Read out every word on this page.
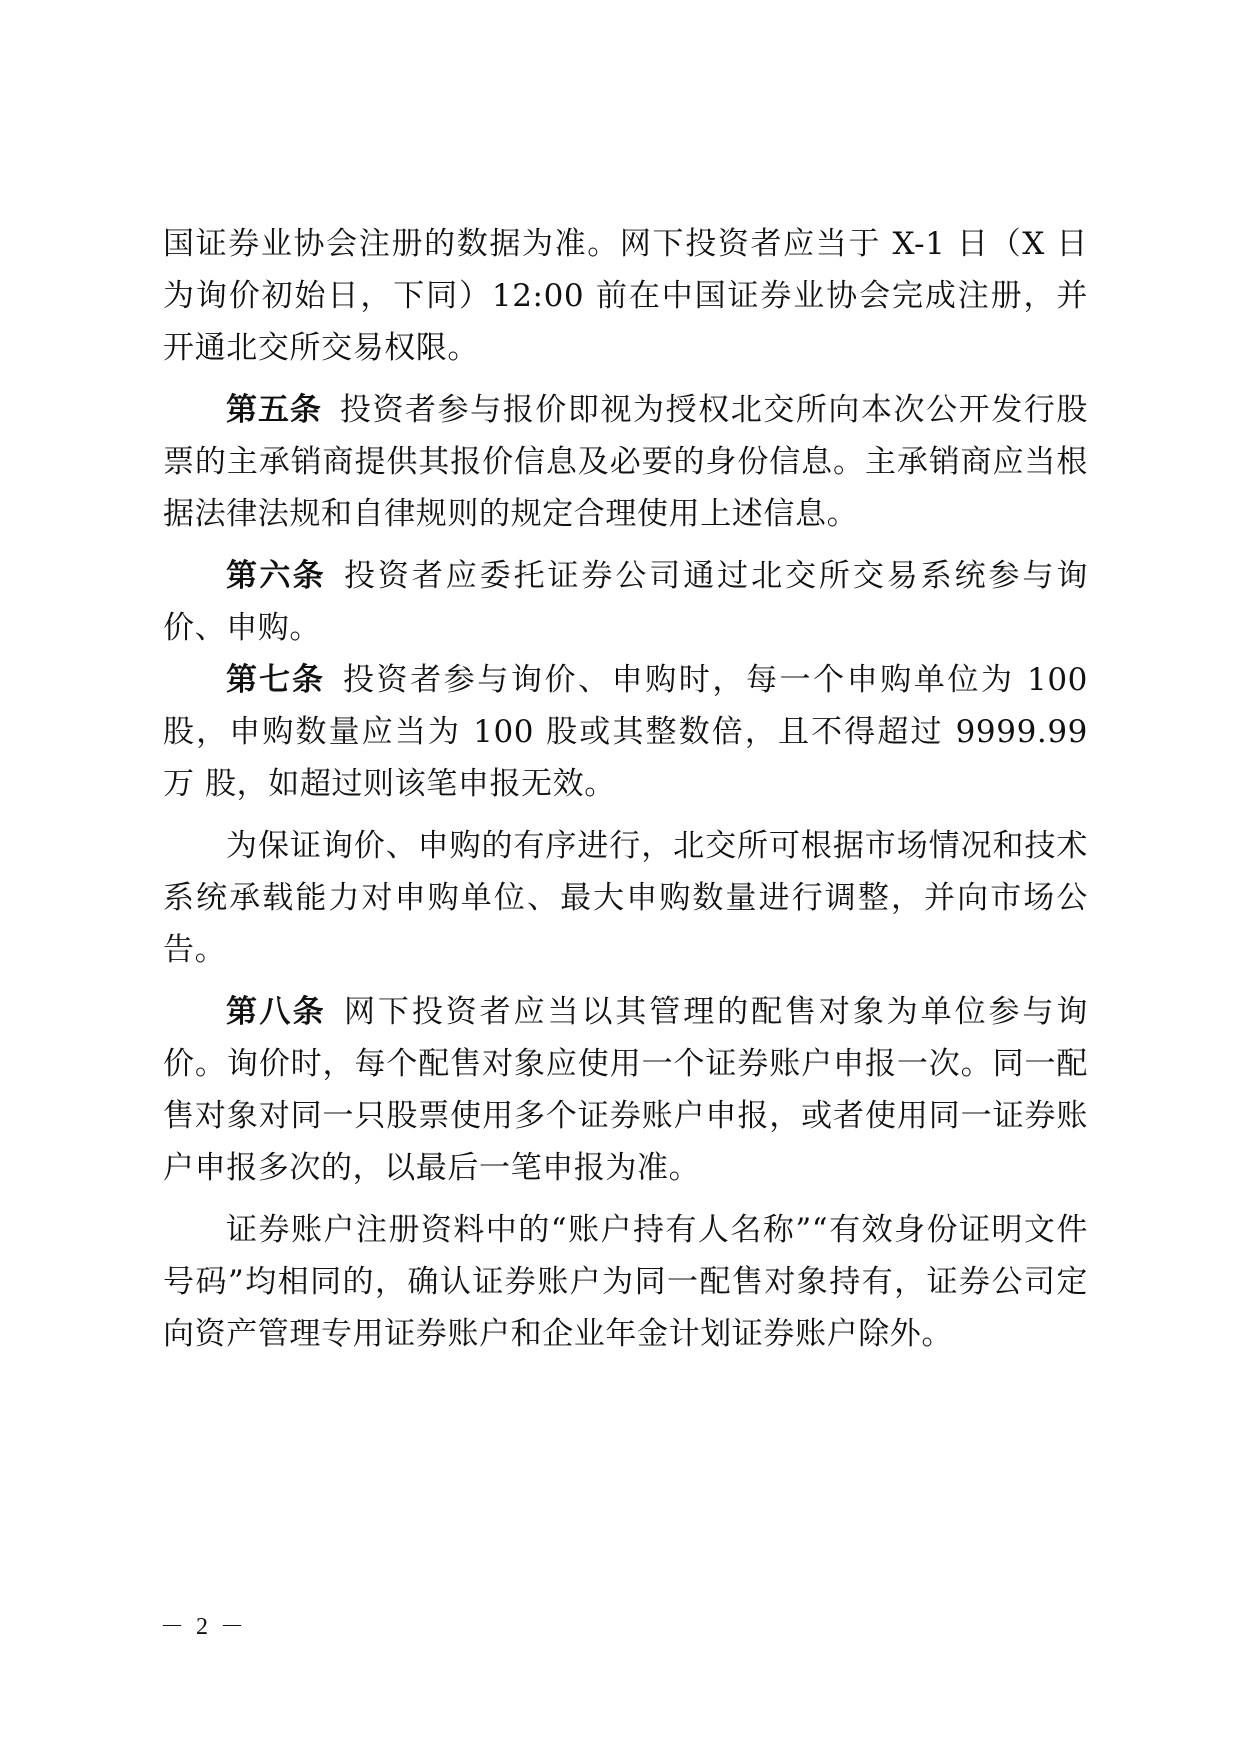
国证券业协会注册的数据为准。网下投资者应当于 X-1 日（X 日 为询价初始日，下同）12:00 前在中国证券业协会完成注册，并 开通北交所交易权限。

第五条 投资者参与报价即视为授权北交所向本次公开发行股票的主承销商提供其报价信息及必要的身份信息。主承销商应当根据法律法规和自律规则的规定合理使用上述信息。

第六条 投资者应委托证券公司通过北交所交易系统参与询价、申购。

第七条 投资者参与询价、申购时，每一个申购单位为 100 股，申购数量应当为 100 股或其整数倍，且不得超过 9999.99 万 股，如超过则该笔申报无效。

为保证询价、申购的有序进行，北交所可根据市场情况和技术系统承载能力对申购单位、最大申购数量进行调整，并向市场公告。

第八条 网下投资者应当以其管理的配售对象为单位参与询价。询价时，每个配售对象应使用一个证券账户申报一次。同一配售对象对同一只股票使用多个证券账户申报，或者使用同一证券账户申报多次的，以最后一笔申报为准。

证券账户注册资料中的“账户持有人名称”“有效身份证明文件号码”均相同的，确认证券账户为同一配售对象持有，证券公司定向资产管理专用证券账户和企业年金计划证券账户除外。

－ 2 －
